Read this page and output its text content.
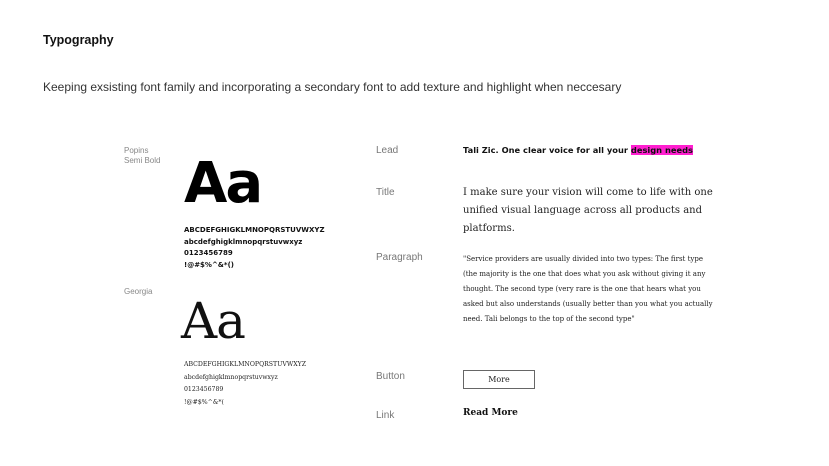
Typography
Keeping exsisting font family and incorporating a secondary font to add texture and highlight when neccesary
Popins
Semi Bold Aa
ABCDEFGHIGKLMNOPQRSTUVWXYZ
abcdefghigklmnopqrstuvwxyz
0123456789
!@#$%^&*()
Georgia
Aa
ABCDEFGHIGKLMNOPQRSTUVWXYZ
abcdefghigklmnopqrstuvwxyz
0123456789
!@#$%^&*(
Lead
Title
Paragraph
Button
Link
Tali Zic. One clear voice for all your design needs
I make sure your vision will come to life with one unified visual language across all products and platforms.
"Service providers are usually divided into two types: The first type (the majority is the one that does what you ask without giving it any thought. The second type (very rare is the one that hears what you asked but also understands (usually better than you what you actually need. Tali belongs to the top of the second type"
More
Read More
